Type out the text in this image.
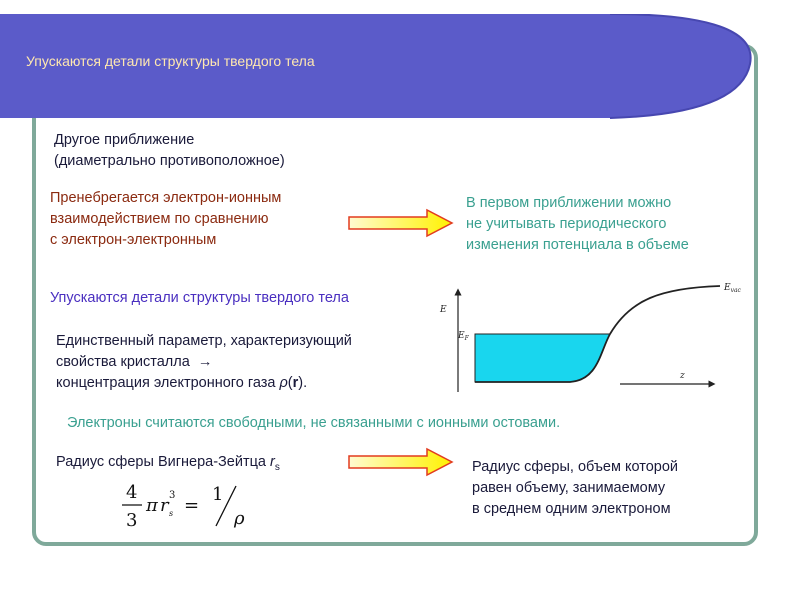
Упускаются детали структуры твердого тела
Другое приближение
(диаметрально противоположное)
Пренебрегается электрон-ионным
взаимодействием по сравнению
с электрон-электронным
В первом приближении можно
не учитывать периодического
изменения потенциала в объеме
Упускаются детали структуры твердого тела
Единственный параметр, характеризующий
свойства кристалла  →
концентрация электронного газа ρ(r).
E
$E_F$
$E_{vac}$
z
Электроны считаются свободными, не связанными с ионными остовами.
Радиус сферы Вигнера-Зейтца $r_s$	Радиус сферы, объем которой
равен объему, занимаемому
в среднем одним электроном
4
3
π r 3
s =
1
ρ
